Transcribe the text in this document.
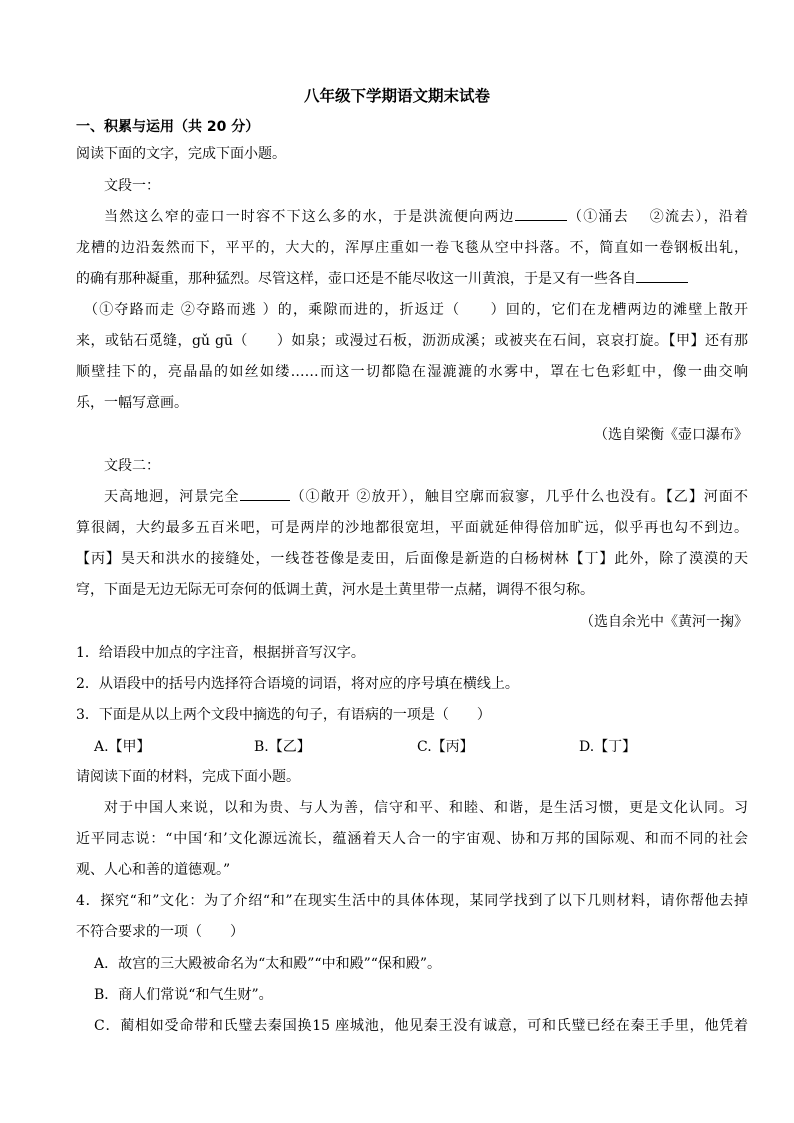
八年级下学期语文期末试卷
一、积累与运用（共 20 分）
阅读下面的文字，完成下面小题。
文段一：
当然这么窄的壶口一时容不下这么多的水，于是洪流便向两边	（①涌去　 ②流去），沿着
龙槽的边沿轰然而下，平平的，大大的，浑厚庄重如一卷飞毯从空中抖落。不，简直如一卷钢板出轧，
的确有那种凝重，那种猛烈。尽管这样，壶口还是不能尽收这一川黄浪，于是又有一些各自
（①夺路而走 ②夺路而逃 ）的，乘隙而进的，折返迂（　　）回的，它们在龙槽两边的滩壁上散开
来，或钻石觅缝，gǔ gū（　　）如泉；或漫过石板，沥沥成溪；或被夹在石间，哀哀打旋。【甲】还有那
顺壁挂下的，亮晶晶的如丝如缕……而这一切都隐在湿漉漉的水雾中，罩在七色彩虹中，像一曲交响
乐，一幅写意画。
（选自梁衡《壶口瀑布》
文段二：
天高地迥，河景完全	（①敞开 ②放开），触目空廓而寂寥，几乎什么也没有。【乙】河面不
算很阔，大约最多五百米吧，可是两岸的沙地都很宽坦，平面就延伸得倍加旷远，似乎再也勾不到边。
【丙】昊天和洪水的接缝处，一线苍苍像是麦田，后面像是新造的白杨树林【丁】此外，除了漠漠的天
穹，下面是无边无际无可奈何的低调土黄，河水是土黄里带一点赭，调得不很匀称。
（选自余光中《黄河一掬》
1．给语段中加点的字注音，根据拼音写汉字。
2．从语段中的括号内选择符合语境的词语，将对应的序号填在横线上。
3．下面是从以上两个文段中摘选的句子，有语病的一项是（　　）
A.【甲】	B.【乙】	C.【丙】	D.【丁】
请阅读下面的材料，完成下面小题。
对于中国人来说，以和为贵、与人为善，信守和平、和睦、和谐，是生活习惯，更是文化认同。习
近平同志说：“中国‘和’文化源远流长，蕴涵着天人合一的宇宙观、协和万邦的国际观、和而不同的社会
观、人心和善的道德观。”
4．探究“和”文化：为了介绍“和”在现实生活中的具体体现，某同学找到了以下几则材料，请你帮他去掉
不符合要求的一项（　　）
A．故宫的三大殿被命名为“太和殿”“中和殿”“保和殿”。
B．商人们常说“和气生财”。
C．蔺相如受命带和氏璧去秦国换15 座城池，他见秦王没有诚意，可和氏璧已经在秦王手里，他凭着
